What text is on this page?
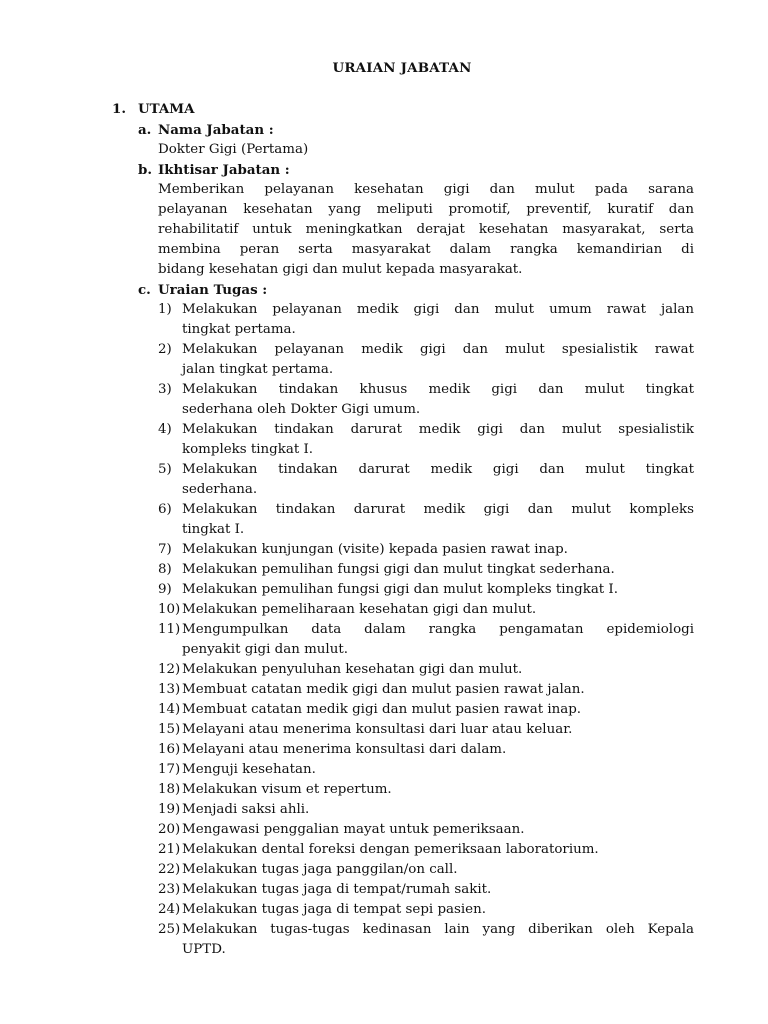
URAIAN JABATAN
1. UTAMA
a. Nama Jabatan :
Dokter Gigi (Pertama)
b. Ikhtisar Jabatan :
Memberikan pelayanan kesehatan gigi dan mulut pada sarana
pelayanan kesehatan yang meliputi promotif, preventif, kuratif dan
rehabilitatif untuk meningkatkan derajat kesehatan masyarakat, serta
membina peran serta masyarakat dalam rangka kemandirian di
bidang kesehatan gigi dan mulut kepada masyarakat.
c. Uraian Tugas :
1) Melakukan pelayanan medik gigi dan mulut umum rawat jalan
tingkat pertama.
2) Melakukan pelayanan medik gigi dan mulut spesialistik rawat
jalan tingkat pertama.
3) Melakukan tindakan khusus medik gigi dan mulut tingkat
sederhana oleh Dokter Gigi umum.
4) Melakukan tindakan darurat medik gigi dan mulut spesialistik
kompleks tingkat I.
5) Melakukan tindakan darurat medik gigi dan mulut tingkat
sederhana.
6) Melakukan tindakan darurat medik gigi dan mulut kompleks
tingkat I.
7) Melakukan kunjungan (visite) kepada pasien rawat inap.
8) Melakukan pemulihan fungsi gigi dan mulut tingkat sederhana.
9) Melakukan pemulihan fungsi gigi dan mulut kompleks tingkat I.
10) Melakukan pemeliharaan kesehatan gigi dan mulut.
11) Mengumpulkan data dalam rangka pengamatan epidemiologi
penyakit gigi dan mulut.
12) Melakukan penyuluhan kesehatan gigi dan mulut.
13) Membuat catatan medik gigi dan mulut pasien rawat jalan.
14) Membuat catatan medik gigi dan mulut pasien rawat inap.
15) Melayani atau menerima konsultasi dari luar atau keluar.
16) Melayani atau menerima konsultasi dari dalam.
17) Menguji kesehatan.
18) Melakukan visum et repertum.
19) Menjadi saksi ahli.
20) Mengawasi penggalian mayat untuk pemeriksaan.
21) Melakukan dental foreksi dengan pemeriksaan laboratorium.
22) Melakukan tugas jaga panggilan/on call.
23) Melakukan tugas jaga di tempat/rumah sakit.
24) Melakukan tugas jaga di tempat sepi pasien.
25) Melakukan tugas-tugas kedinasan lain yang diberikan oleh Kepala
UPTD.
